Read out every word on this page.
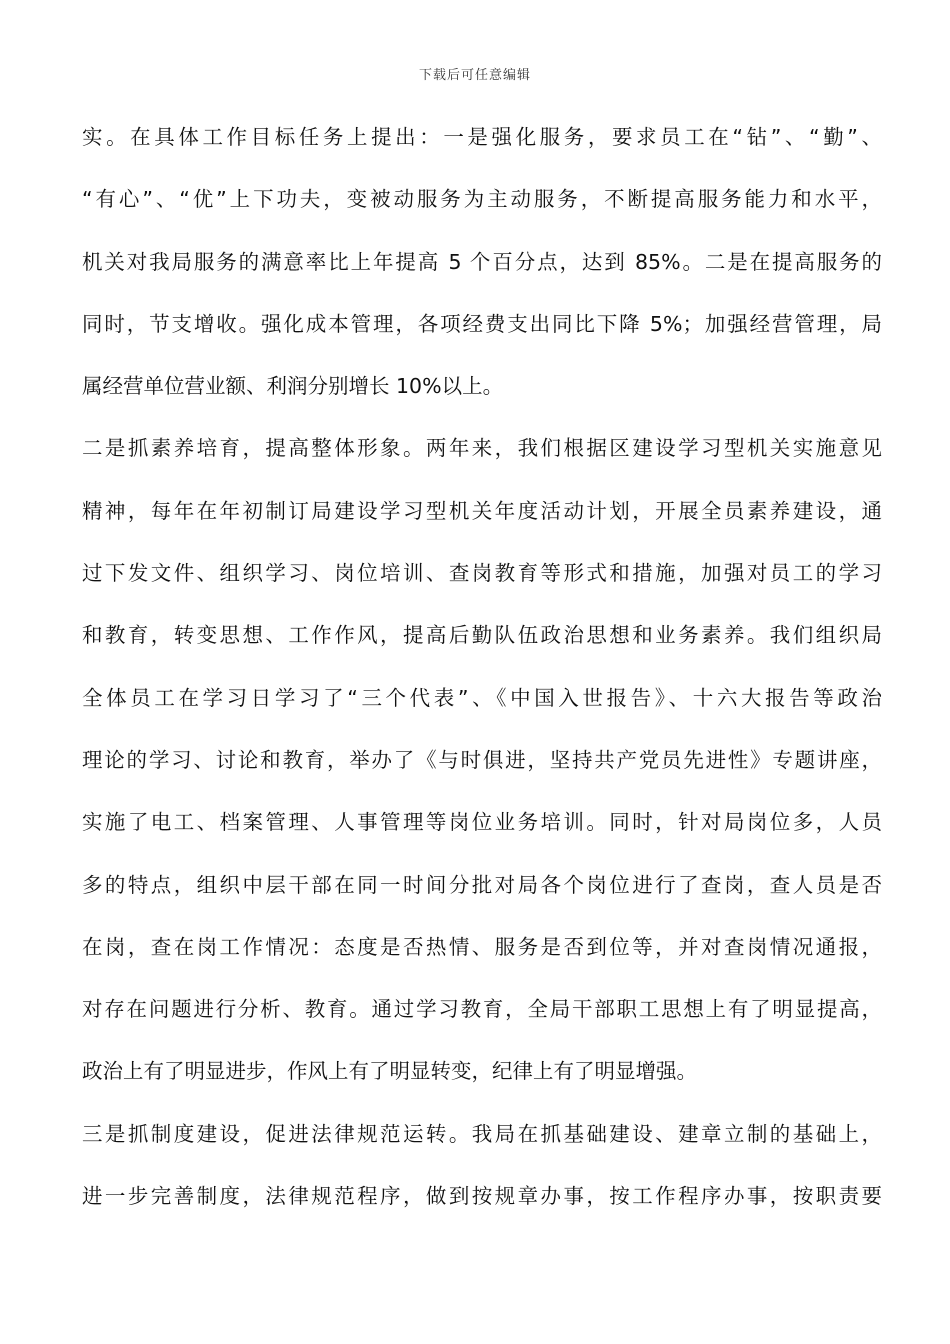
下载后可任意编辑
实。在具体工作目标任务上提出：一是强化服务，要求员工在“钻”、“勤”、
“有心”、“优”上下功夫，变被动服务为主动服务，不断提高服务能力和水平，
机关对我局服务的满意率比上年提高 5 个百分点，达到 85%。二是在提高服务的
同时，节支增收。强化成本管理，各项经费支出同比下降 5%；加强经营管理，局
属经营单位营业额、利润分别增长 10%以上。
二是抓素养培育，提高整体形象。两年来，我们根据区建设学习型机关实施意见
精神，每年在年初制订局建设学习型机关年度活动计划，开展全员素养建设，通
过下发文件、组织学习、岗位培训、查岗教育等形式和措施，加强对员工的学习
和教育，转变思想、工作作风，提高后勤队伍政治思想和业务素养。我们组织局
全体员工在学习日学习了“三个代表”、《中国入世报告》、十六大报告等政治
理论的学习、讨论和教育，举办了《与时俱进，坚持共产党员先进性》专题讲座，
实施了电工、档案管理、人事管理等岗位业务培训。同时，针对局岗位多，人员
多的特点，组织中层干部在同一时间分批对局各个岗位进行了查岗，查人员是否
在岗，查在岗工作情况：态度是否热情、服务是否到位等，并对查岗情况通报，
对存在问题进行分析、教育。通过学习教育，全局干部职工思想上有了明显提高，
政治上有了明显进步，作风上有了明显转变，纪律上有了明显增强。
三是抓制度建设，促进法律规范运转。我局在抓基础建设、建章立制的基础上，
进一步完善制度，法律规范程序，做到按规章办事，按工作程序办事，按职责要
